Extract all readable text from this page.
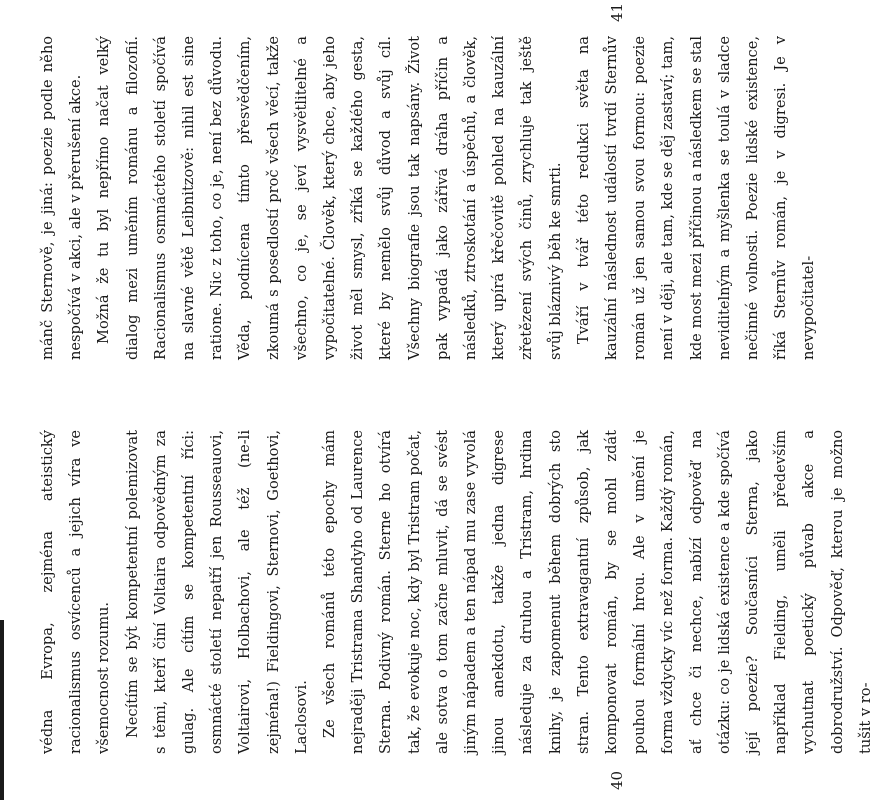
védna Evropa, zejména ateistický racionalismus osvícenců a jejich víra ve všemocnost rozumu. Necítím se být kompetentní polemizovat s těmi, kteří činí Voltaira odpovědným za gulag. Ale cítím se kompetentní říci: osmnácté století nepatří jen Rousseauovi, Voltairovi, Holbachovi, ale též (ne-li zejména!) Fieldingovi, Sternovi, Goethovi, Laclosovi. Ze všech románů této epochy mám nejraději Tristrama Shandyho od Laurence Sterna. Podivný román. Sterne ho otvírá tak, že evokuje noc, kdy byl Tristram počat, ale sotva o tom začne mluvit, dá se svést jiným nápadem a ten nápad mu zase vyvolá jinou anekdotu, takže jedna digrese následuje za druhou a Tristram, hrdina knihy, je zapomenut během dobrých sto stran. Tento extravagantní způsob, jak komponovat román, by se mohl zdát pouhou formální hrou. Ale v umění je forma vždycky víc než forma. Každý román, ať chce či nechce, nabízí odpověď na otázku: co je lidská existence a kde spočívá její poezie? Současníci Sterna, jako například Fielding, uměli především vychutnat poetický půvab akce a dobrodružství. Odpověď, kterou je možno tušit v ro-

40

mánč Sternově, je jiná: poezie podle něho nespočívá v akci, ale v přerušení akce. Možná že tu byl nepřímo načat velký dialog mezi uměním románu a filozofií. Racionalismus osmnáctého století spočívá na slavné větě Leibnitzově: nihil est sine ratione. Nic z toho, co je, není bez důvodu. Věda, podnícena tímto přesvědčením, zkoumá s posedlostí proč všech věcí, takže všechno, co je, se jeví vysvětlitelné a vypočitatelné. Člověk, který chce, aby jeho život měl smysl, zříká se každého gesta, které by nemělo svůj důvod a svůj cíl. Všechny biografie jsou tak napsány. Život pak vypadá jako zářivá dráha příčin a následků, ztroskotání a úspěchů, a člověk, který upírá křečovitě pohled na kauzální zřetězení svých činů, zrychluje tak ještě svůj bláznivý běh ke smrti. Tváří v tvář této redukci světa na kauzální následnost událostí tvrdí Sternův román už jen samou svou formou: poezie není v ději, ale tam, kde se děj zastaví; tam, kde most mezi příčinou a následkem se stal neviditelným a myšlenka se toulá v sladce nečinné volnosti. Poezie lidské existence, říká Sternův román, je v digresi. Je v nevypočitatel-

41
